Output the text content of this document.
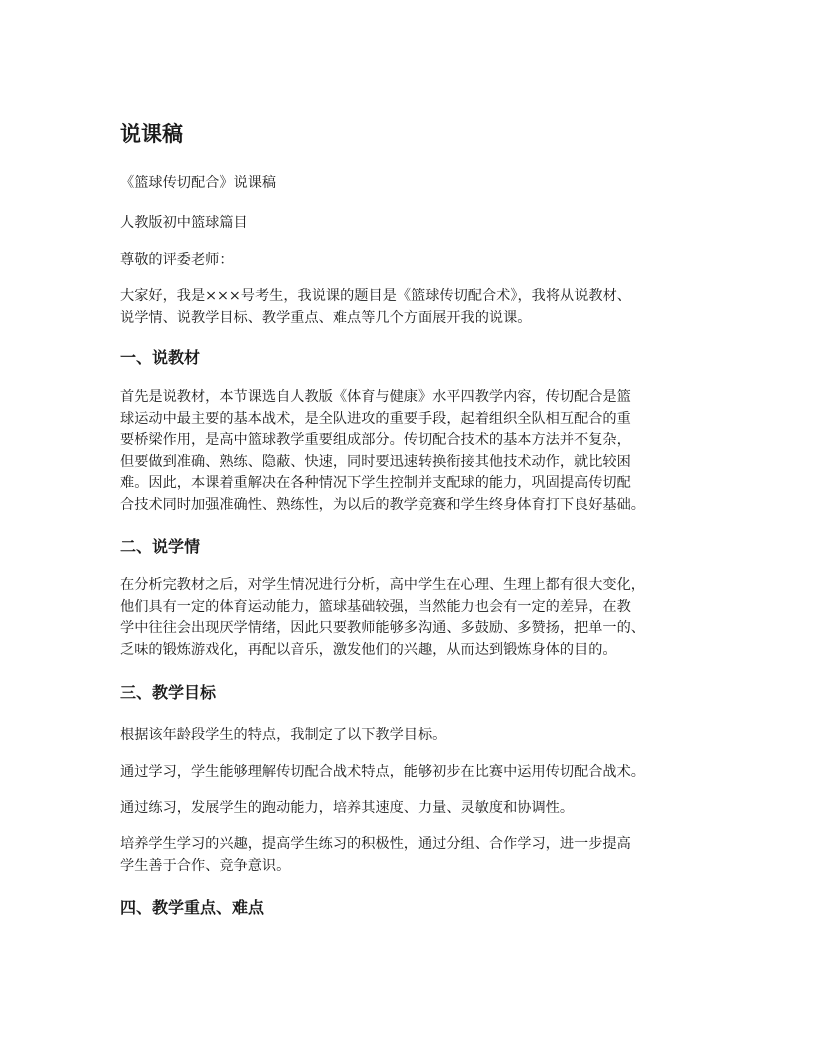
说课稿

《篮球传切配合》说课稿

人教版初中篮球篇目

尊敬的评委老师：

大家好，我是×××号考生，我说课的题目是《篮球传切配合术》，我将从说教材、
说学情、说教学目标、教学重点、难点等几个方面展开我的说课。

一、说教材

首先是说教材，本节课选自人教版《体育与健康》水平四教学内容，传切配合是篮
球运动中最主要的基本战术，是全队进攻的重要手段，起着组织全队相互配合的重
要桥梁作用，是高中篮球教学重要组成部分。传切配合技术的基本方法并不复杂，
但要做到准确、熟练、隐蔽、快速，同时要迅速转换衔接其他技术动作，就比较困
难。因此，本课着重解决在各种情况下学生控制并支配球的能力，巩固提高传切配
合技术同时加强准确性、熟练性，为以后的教学竞赛和学生终身体育打下良好基础。

二、说学情

在分析完教材之后，对学生情况进行分析，高中学生在心理、生理上都有很大变化，
他们具有一定的体育运动能力，篮球基础较强，当然能力也会有一定的差异，在教
学中往往会出现厌学情绪，因此只要教师能够多沟通、多鼓励、多赞扬，把单一的、
乏味的锻炼游戏化，再配以音乐，激发他们的兴趣，从而达到锻炼身体的目的。

三、教学目标

根据该年龄段学生的特点，我制定了以下教学目标。

通过学习，学生能够理解传切配合战术特点，能够初步在比赛中运用传切配合战术。

通过练习，发展学生的跑动能力，培养其速度、力量、灵敏度和协调性。

培养学生学习的兴趣，提高学生练习的积极性，通过分组、合作学习，进一步提高
学生善于合作、竞争意识。

四、教学重点、难点
